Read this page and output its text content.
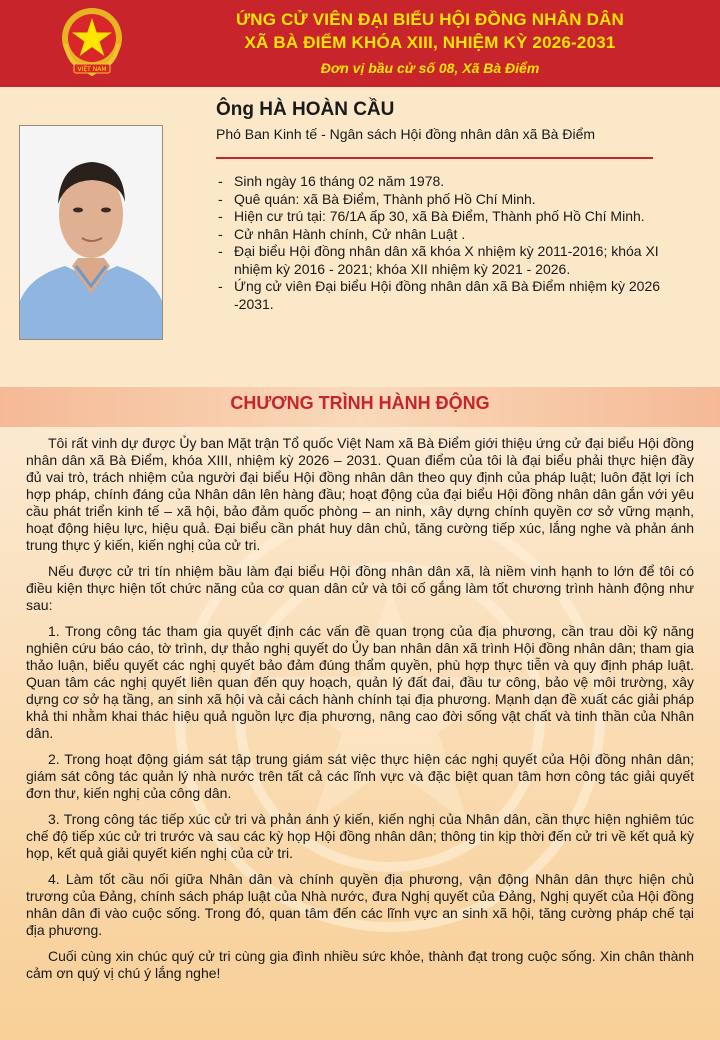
VIỆT NAM
ỨNG CỬ VIÊN ĐẠI BIỂU HỘI ĐỒNG NHÂN DÂN
XÃ BÀ ĐIỂM KHÓA XIII, NHIỆM KỲ 2026-2031
Đơn vị bầu cử số 08, Xã Bà Điểm
Ông HÀ HOÀN CẦU
Phó Ban Kinh tế - Ngân sách Hội đồng nhân dân xã Bà Điểm
- Sinh ngày 16 tháng 02 năm 1978.
- Quê quán: xã Bà Điểm, Thành phố Hồ Chí Minh.
- Hiện cư trú tại: 76/1A ấp 30, xã Bà Điểm, Thành phố Hồ Chí Minh.
- Cử nhân Hành chính, Cử nhân Luật .
- Đại biểu Hội đồng nhân dân xã khóa X nhiệm kỳ 2011-2016; khóa XI nhiệm kỳ 2016 - 2021; khóa XII nhiệm kỳ 2021 - 2026.
- Ứng cử viên Đại biểu Hội đồng nhân dân xã Bà Điểm nhiệm kỳ 2026 -2031.
CHƯƠNG TRÌNH HÀNH ĐỘNG

Tôi rất vinh dự được Ủy ban Mặt trận Tổ quốc Việt Nam xã Bà Điểm giới thiệu ứng cử đại biểu Hội đồng nhân dân xã Bà Điểm, khóa XIII, nhiệm kỳ 2026 – 2031. Quan điểm của tôi là đại biểu phải thực hiện đầy đủ vai trò, trách nhiệm của người đại biểu Hội đồng nhân dân theo quy định của pháp luật; luôn đặt lợi ích hợp pháp, chính đáng của Nhân dân lên hàng đầu; hoạt động của đại biểu Hội đồng nhân dân gắn với yêu cầu phát triển kinh tế – xã hội, bảo đảm quốc phòng – an ninh, xây dựng chính quyền cơ sở vững mạnh, hoạt động hiệu lực, hiệu quả. Đại biểu cần phát huy dân chủ, tăng cường tiếp xúc, lắng nghe và phản ánh trung thực ý kiến, kiến nghị của cử tri.

Nếu được cử tri tín nhiệm bầu làm đại biểu Hội đồng nhân dân xã, là niềm vinh hạnh to lớn để tôi có điều kiện thực hiện tốt chức năng của cơ quan dân cử và tôi cố gắng làm tốt chương trình hành động như sau:

1. Trong công tác tham gia quyết định các vấn đề quan trọng của địa phương, cần trau dồi kỹ năng nghiên cứu báo cáo, tờ trình, dự thảo nghị quyết do Ủy ban nhân dân xã trình Hội đồng nhân dân; tham gia thảo luận, biểu quyết các nghị quyết bảo đảm đúng thẩm quyền, phù hợp thực tiễn và quy định pháp luật. Quan tâm các nghị quyết liên quan đến quy hoạch, quản lý đất đai, đầu tư công, bảo vệ môi trường, xây dựng cơ sở hạ tầng, an sinh xã hội và cải cách hành chính tại địa phương. Mạnh dạn đề xuất các giải pháp khả thi nhằm khai thác hiệu quả nguồn lực địa phương, nâng cao đời sống vật chất và tinh thần của Nhân dân.

2. Trong hoạt động giám sát tập trung giám sát việc thực hiện các nghị quyết của Hội đồng nhân dân; giám sát công tác quản lý nhà nước trên tất cả các lĩnh vực và đặc biệt quan tâm hơn công tác giải quyết đơn thư, kiến nghị của công dân.

3. Trong công tác tiếp xúc cử tri và phản ánh ý kiến, kiến nghị của Nhân dân, cần thực hiện nghiêm túc chế độ tiếp xúc cử tri trước và sau các kỳ họp Hội đồng nhân dân; thông tin kịp thời đến cử tri về kết quả kỳ họp, kết quả giải quyết kiến nghị của cử tri.

4. Làm tốt cầu nối giữa Nhân dân và chính quyền địa phương, vận động Nhân dân thực hiện chủ trương của Đảng, chính sách pháp luật của Nhà nước, đưa Nghị quyết của Đảng, Nghị quyết của Hội đồng nhân dân đi vào cuộc sống. Trong đó, quan tâm đến các lĩnh vực an sinh xã hội, tăng cường pháp chế tại địa phương.

Cuối cùng xin chúc quý cử tri cùng gia đình nhiều sức khỏe, thành đạt trong cuộc sống. Xin chân thành cảm ơn quý vị chú ý lắng nghe!
